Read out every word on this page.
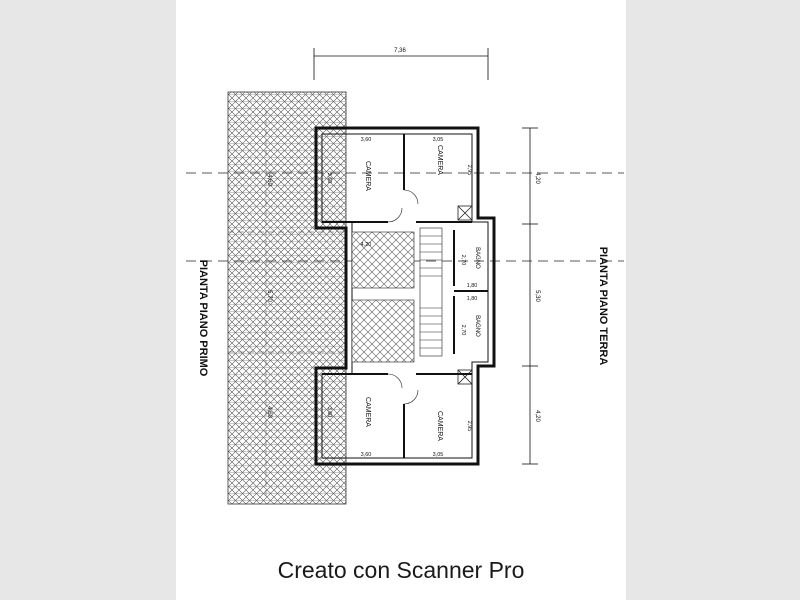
7,36
4,20
5,30
4,20
4,60
5,70
4,60
CAMERA
3,60
3,60
CAMERA
3,05
2,95
BAGNO
1,80
2,70
BAGNO
1,80
2,70
CAMERA
3,60
3,60	CAMERA
3,05
2,95
4,20
PIANTA PIANO PRIMO	PIANTA PIANO TERRA
Creato con Scanner Pro
